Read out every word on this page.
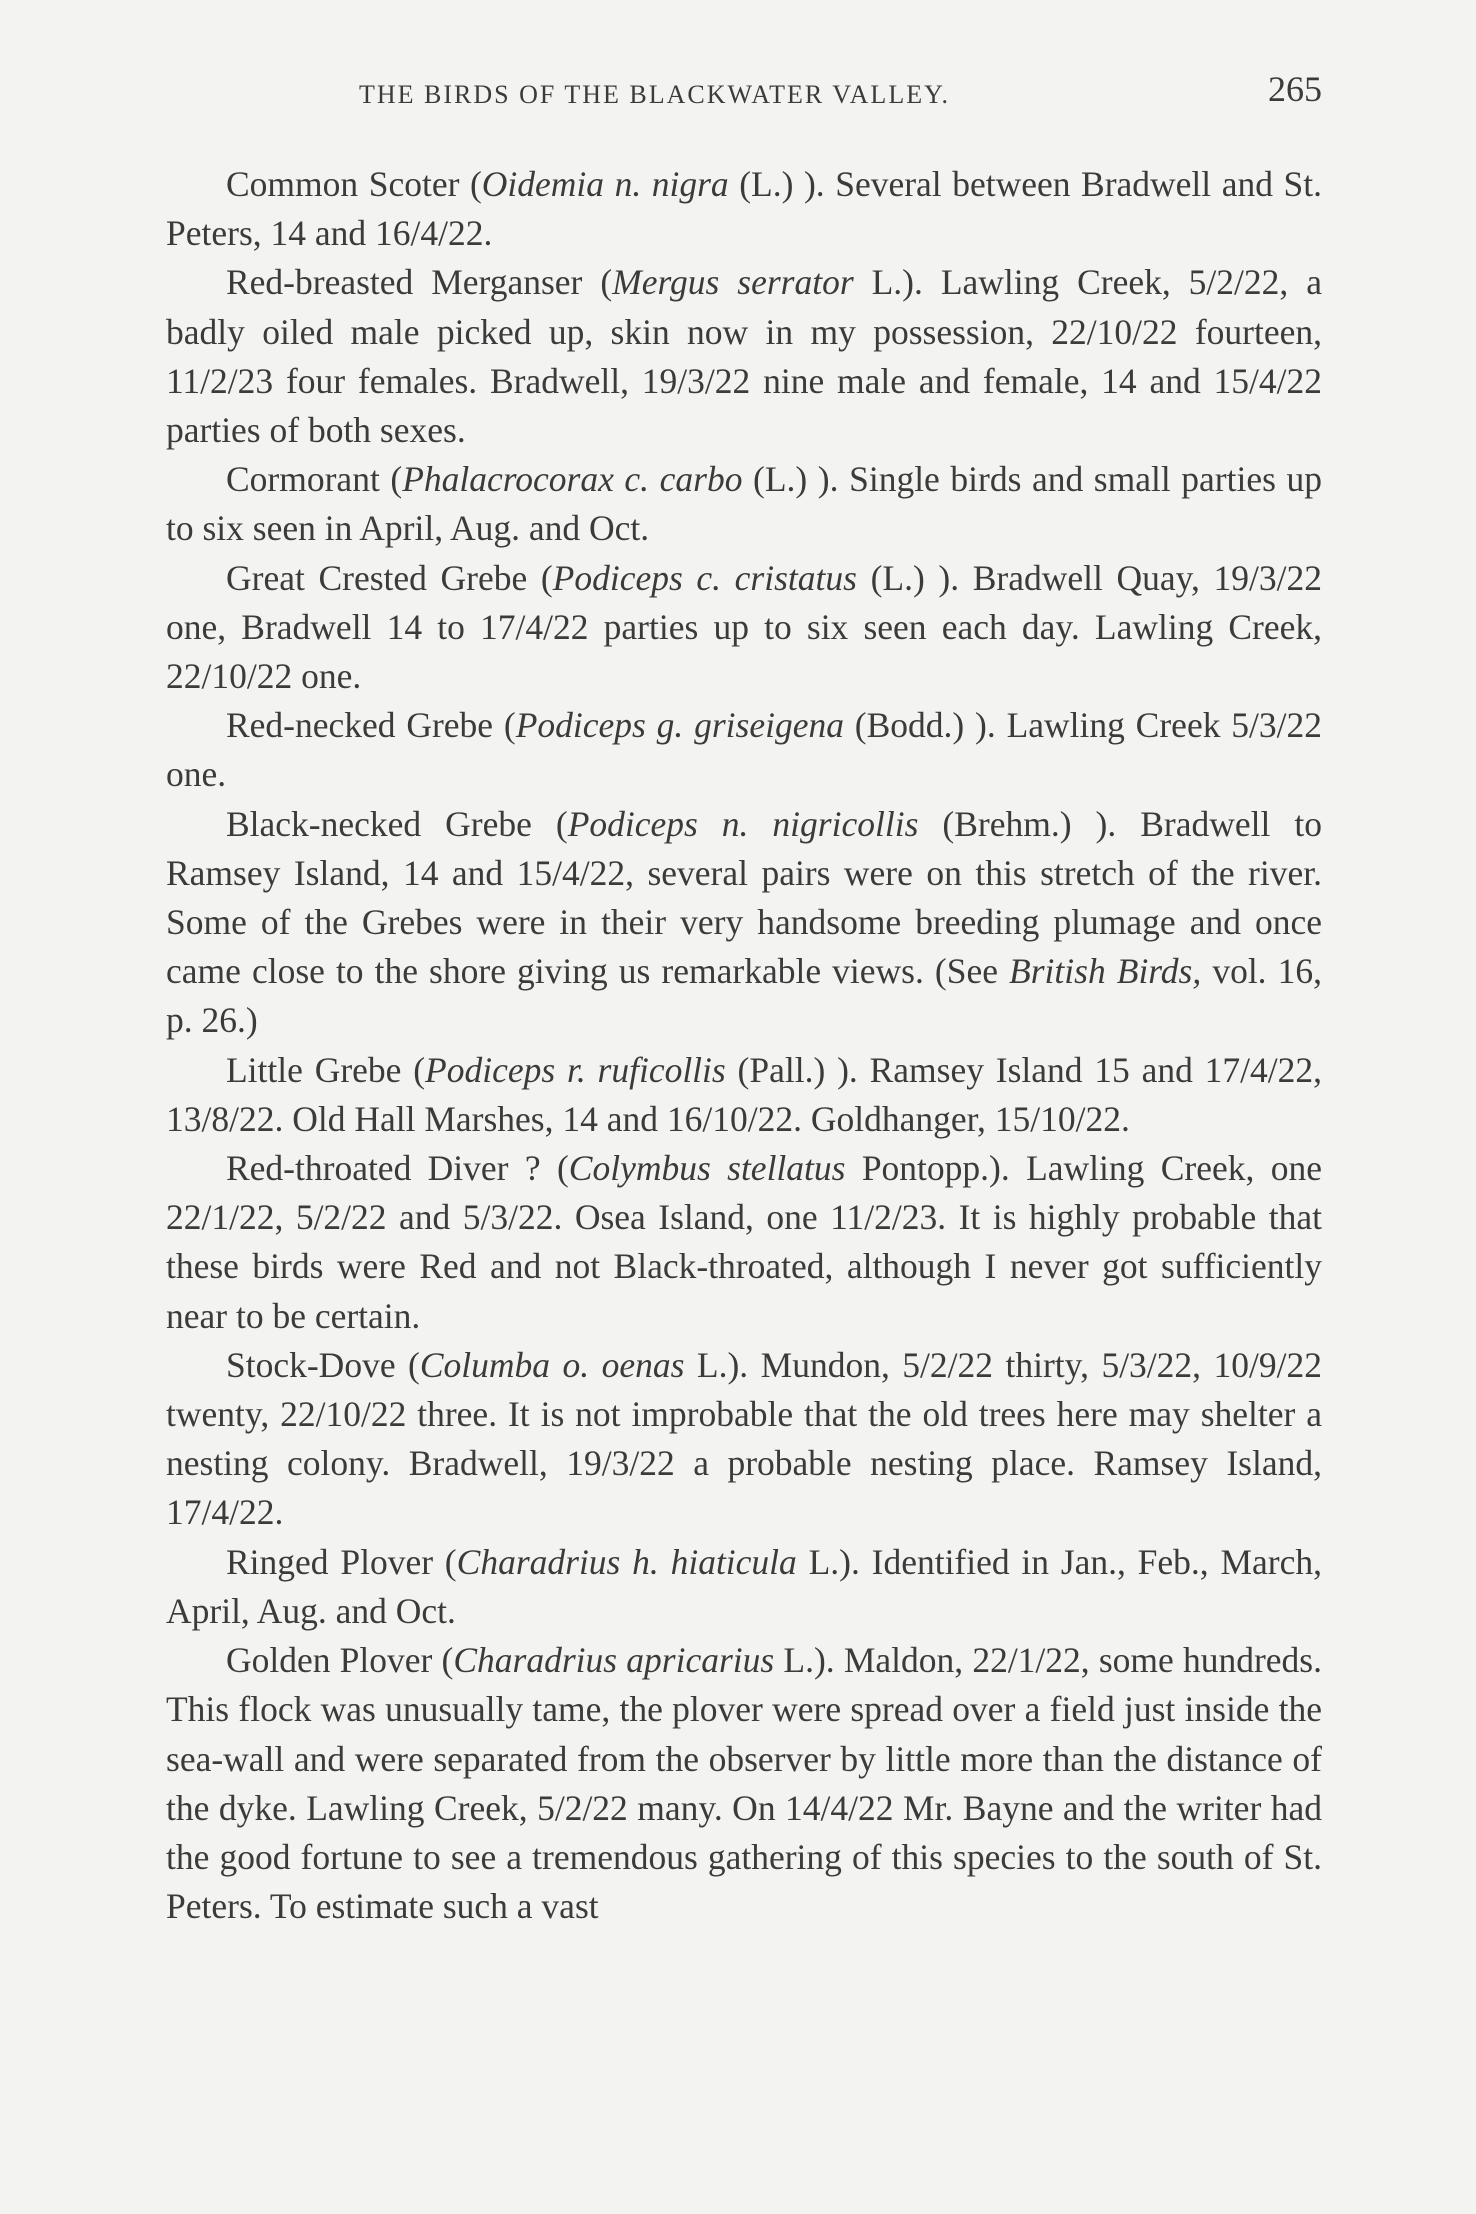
THE BIRDS OF THE BLACKWATER VALLEY.	265

Common Scoter (Oidemia n. nigra (L.) ). Several between Bradwell and St. Peters, 14 and 16/4/22.

Red-breasted Merganser (Mergus serrator L.). Lawling Creek, 5/2/22, a badly oiled male picked up, skin now in my possession, 22/10/22 fourteen, 11/2/23 four females. Bradwell, 19/3/22 nine male and female, 14 and 15/4/22 parties of both sexes.

Cormorant (Phalacrocorax c. carbo (L.) ). Single birds and small parties up to six seen in April, Aug. and Oct.

Great Crested Grebe (Podiceps c. cristatus (L.) ). Bradwell Quay, 19/3/22 one, Bradwell 14 to 17/4/22 parties up to six seen each day. Lawling Creek, 22/10/22 one.

Red-necked Grebe (Podiceps g. griseigena (Bodd.) ). Lawling Creek 5/3/22 one.

Black-necked Grebe (Podiceps n. nigricollis (Brehm.) ). Bradwell to Ramsey Island, 14 and 15/4/22, several pairs were on this stretch of the river. Some of the Grebes were in their very handsome breeding plumage and once came close to the shore giving us remarkable views. (See British Birds, vol. 16, p. 26.)

Little Grebe (Podiceps r. ruficollis (Pall.) ). Ramsey Island 15 and 17/4/22, 13/8/22. Old Hall Marshes, 14 and 16/10/22. Goldhanger, 15/10/22.

Red-throated Diver ? (Colymbus stellatus Pontopp.). Lawling Creek, one 22/1/22, 5/2/22 and 5/3/22. Osea Island, one 11/2/23. It is highly probable that these birds were Red and not Black-throated, although I never got sufficiently near to be certain.

Stock-Dove (Columba o. oenas L.). Mundon, 5/2/22 thirty, 5/3/22, 10/9/22 twenty, 22/10/22 three. It is not improbable that the old trees here may shelter a nesting colony. Bradwell, 19/3/22 a probable nesting place. Ramsey Island, 17/4/22.

Ringed Plover (Charadrius h. hiaticula L.). Identified in Jan., Feb., March, April, Aug. and Oct.

Golden Plover (Charadrius apricarius L.). Maldon, 22/1/22, some hundreds. This flock was unusually tame, the plover were spread over a field just inside the sea-wall and were separated from the observer by little more than the distance of the dyke. Lawling Creek, 5/2/22 many. On 14/4/22 Mr. Bayne and the writer had the good fortune to see a tremendous gathering of this species to the south of St. Peters. To estimate such a vast
